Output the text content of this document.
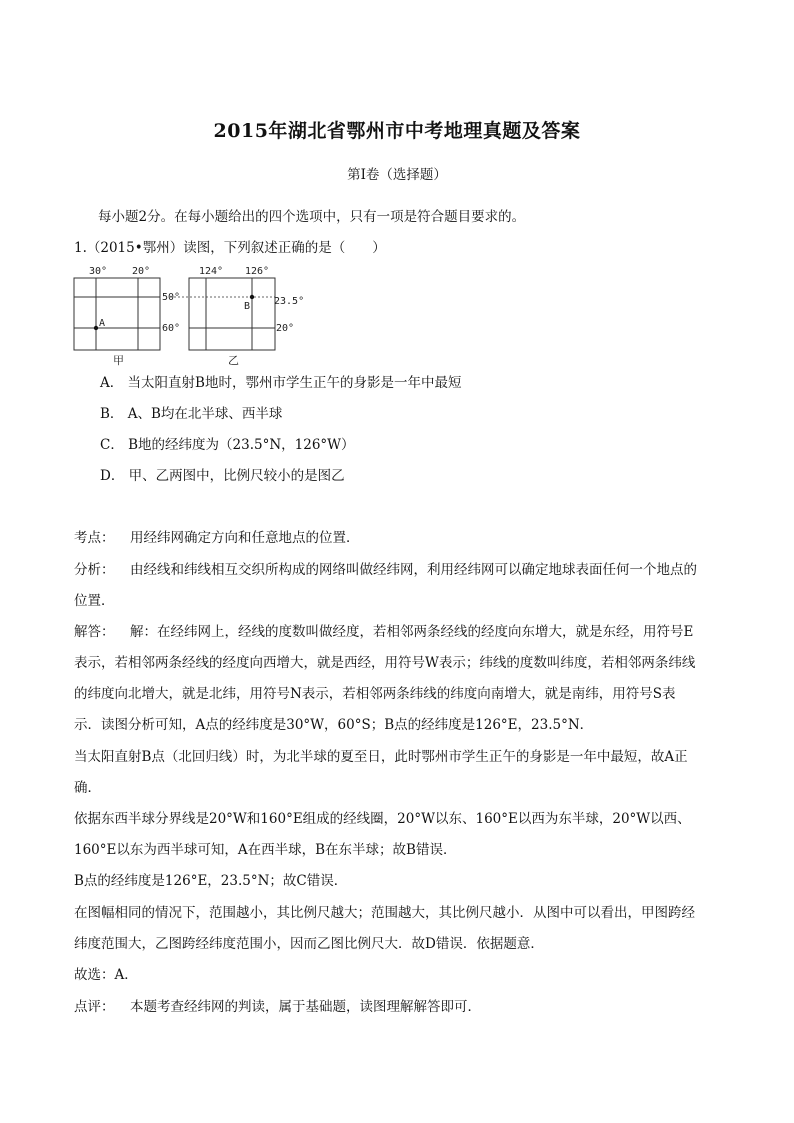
2015年湖北省鄂州市中考地理真题及答案
第Ⅰ卷（选择题）
每小题2分。在每小题给出的四个选项中，只有一项是符合题目要求的。
1.（2015•鄂州）读图，下列叙述正确的是（　　）
30° 20°
50°
60°
A
甲
124° 126°
23.5°
20°
B
乙
A． 当太阳直射B地时，鄂州市学生正午的身影是一年中最短
B． A、B均在北半球、西半球
C． B地的经纬度为（23.5°N，126°W）
D． 甲、乙两图中，比例尺较小的是图乙
考点： 用经纬网确定方向和任意地点的位置．
分析： 由经线和纬线相互交织所构成的网络叫做经纬网，利用经纬网可以确定地球表面任何一个地点的
位置．
解答： 解：在经纬网上，经线的度数叫做经度，若相邻两条经线的经度向东增大，就是东经，用符号E
表示，若相邻两条经线的经度向西增大，就是西经，用符号W表示；纬线的度数叫纬度，若相邻两条纬线
的纬度向北增大，就是北纬，用符号N表示，若相邻两条纬线的纬度向南增大，就是南纬，用符号S表
示．读图分析可知，A点的经纬度是30°W，60°S；B点的经纬度是126°E，23.5°N．
当太阳直射B点（北回归线）时，为北半球的夏至日，此时鄂州市学生正午的身影是一年中最短，故A正
确．
依据东西半球分界线是20°W和160°E组成的经线圈，20°W以东、160°E以西为东半球，20°W以西、
160°E以东为西半球可知，A在西半球，B在东半球；故B错误．
B点的经纬度是126°E，23.5°N；故C错误．
在图幅相同的情况下，范围越小，其比例尺越大；范围越大，其比例尺越小．从图中可以看出，甲图跨经
纬度范围大，乙图跨经纬度范围小，因而乙图比例尺大．故D错误．依据题意．
故选：A．
点评： 本题考查经纬网的判读，属于基础题，读图理解解答即可．
